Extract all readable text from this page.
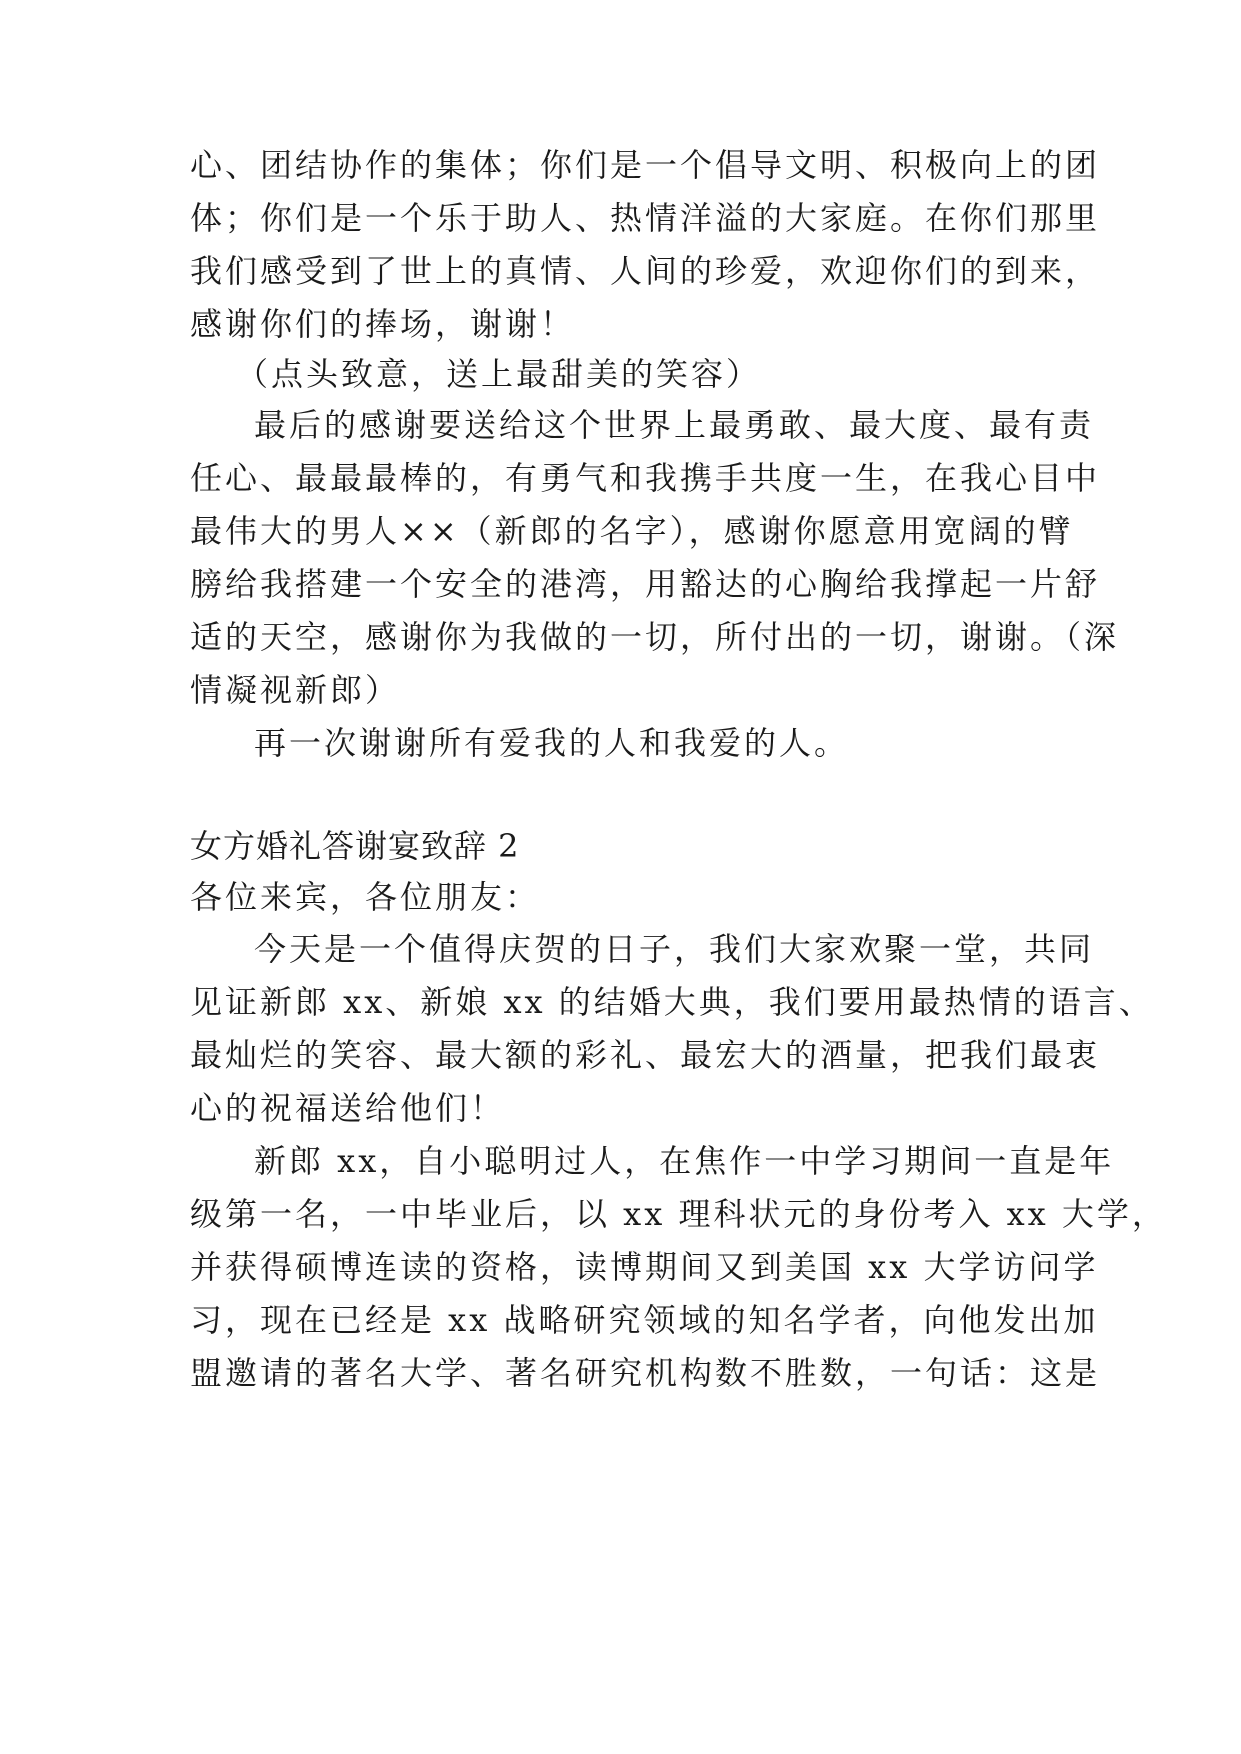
心、团结协作的集体；你们是一个倡导文明、积极向上的团

体；你们是一个乐于助人、热情洋溢的大家庭。在你们那里

我们感受到了世上的真情、人间的珍爱，欢迎你们的到来，

感谢你们的捧场，谢谢！

（点头致意，送上最甜美的笑容）

最后的感谢要送给这个世界上最勇敢、最大度、最有责

任心、最最最棒的，有勇气和我携手共度一生，在我心目中

最伟大的男人××（新郎的名字），感谢你愿意用宽阔的臂

膀给我搭建一个安全的港湾，用豁达的心胸给我撑起一片舒

适的天空，感谢你为我做的一切，所付出的一切，谢谢。（深

情凝视新郎）

再一次谢谢所有爱我的人和我爱的人。

女方婚礼答谢宴致辞 2

各位来宾，各位朋友：

今天是一个值得庆贺的日子，我们大家欢聚一堂，共同

见证新郎 xx、新娘 xx 的结婚大典，我们要用最热情的语言、

最灿烂的笑容、最大额的彩礼、最宏大的酒量，把我们最衷

心的祝福送给他们！

新郎 xx，自小聪明过人，在焦作一中学习期间一直是年

级第一名，一中毕业后，以 xx 理科状元的身份考入 xx 大学，

并获得硕博连读的资格，读博期间又到美国 xx 大学访问学

习，现在已经是 xx 战略研究领域的知名学者，向他发出加

盟邀请的著名大学、著名研究机构数不胜数，一句话：这是
